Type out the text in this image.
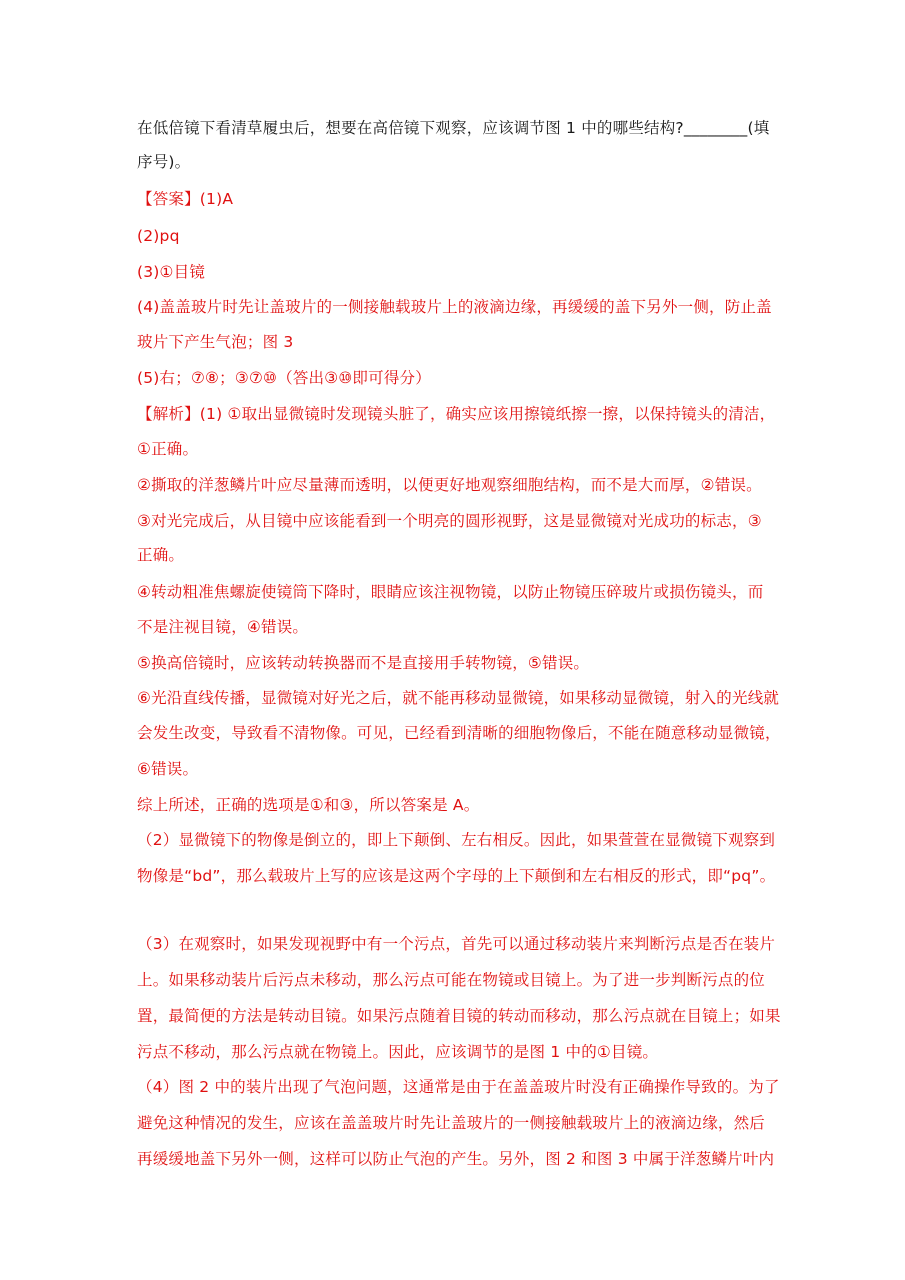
在低倍镜下看清草履虫后，想要在高倍镜下观察，应该调节图 1 中的哪些结构?________(填
序号)。
【答案】(1)A
(2)pq
(3)①目镜
(4)盖盖玻片时先让盖玻片的一侧接触载玻片上的液滴边缘，再缓缓的盖下另外一侧，防止盖
玻片下产生气泡；图 3
(5)右；⑦⑧；③⑦⑩（答出③⑩即可得分）
【解析】(1) ①取出显微镜时发现镜头脏了，确实应该用擦镜纸擦一擦，以保持镜头的清洁，
①正确。
②撕取的洋葱鳞片叶应尽量薄而透明，以便更好地观察细胞结构，而不是大而厚，②错误。
③对光完成后，从目镜中应该能看到一个明亮的圆形视野，这是显微镜对光成功的标志，③
正确。
④转动粗准焦螺旋使镜筒下降时，眼睛应该注视物镜，以防止物镜压碎玻片或损伤镜头，而
不是注视目镜，④错误。
⑤换高倍镜时，应该转动转换器而不是直接用手转物镜，⑤错误。
⑥光沿直线传播，显微镜对好光之后，就不能再移动显微镜，如果移动显微镜，射入的光线就
会发生改变，导致看不清物像。可见，已经看到清晰的细胞物像后，不能在随意移动显微镜，
⑥错误。
综上所述，正确的选项是①和③，所以答案是 A。
（2）显微镜下的物像是倒立的，即上下颠倒、左右相反。因此，如果萱萱在显微镜下观察到
物像是“bd”，那么载玻片上写的应该是这两个字母的上下颠倒和左右相反的形式，即“pq”。
（3）在观察时，如果发现视野中有一个污点，首先可以通过移动装片来判断污点是否在装片
上。如果移动装片后污点未移动，那么污点可能在物镜或目镜上。为了进一步判断污点的位
置，最简便的方法是转动目镜。如果污点随着目镜的转动而移动，那么污点就在目镜上；如果
污点不移动，那么污点就在物镜上。因此，应该调节的是图 1 中的①目镜。
（4）图 2 中的装片出现了气泡问题，这通常是由于在盖盖玻片时没有正确操作导致的。为了
避免这种情况的发生，应该在盖盖玻片时先让盖玻片的一侧接触载玻片上的液滴边缘，然后
再缓缓地盖下另外一侧，这样可以防止气泡的产生。另外，图 2 和图 3 中属于洋葱鳞片叶内
